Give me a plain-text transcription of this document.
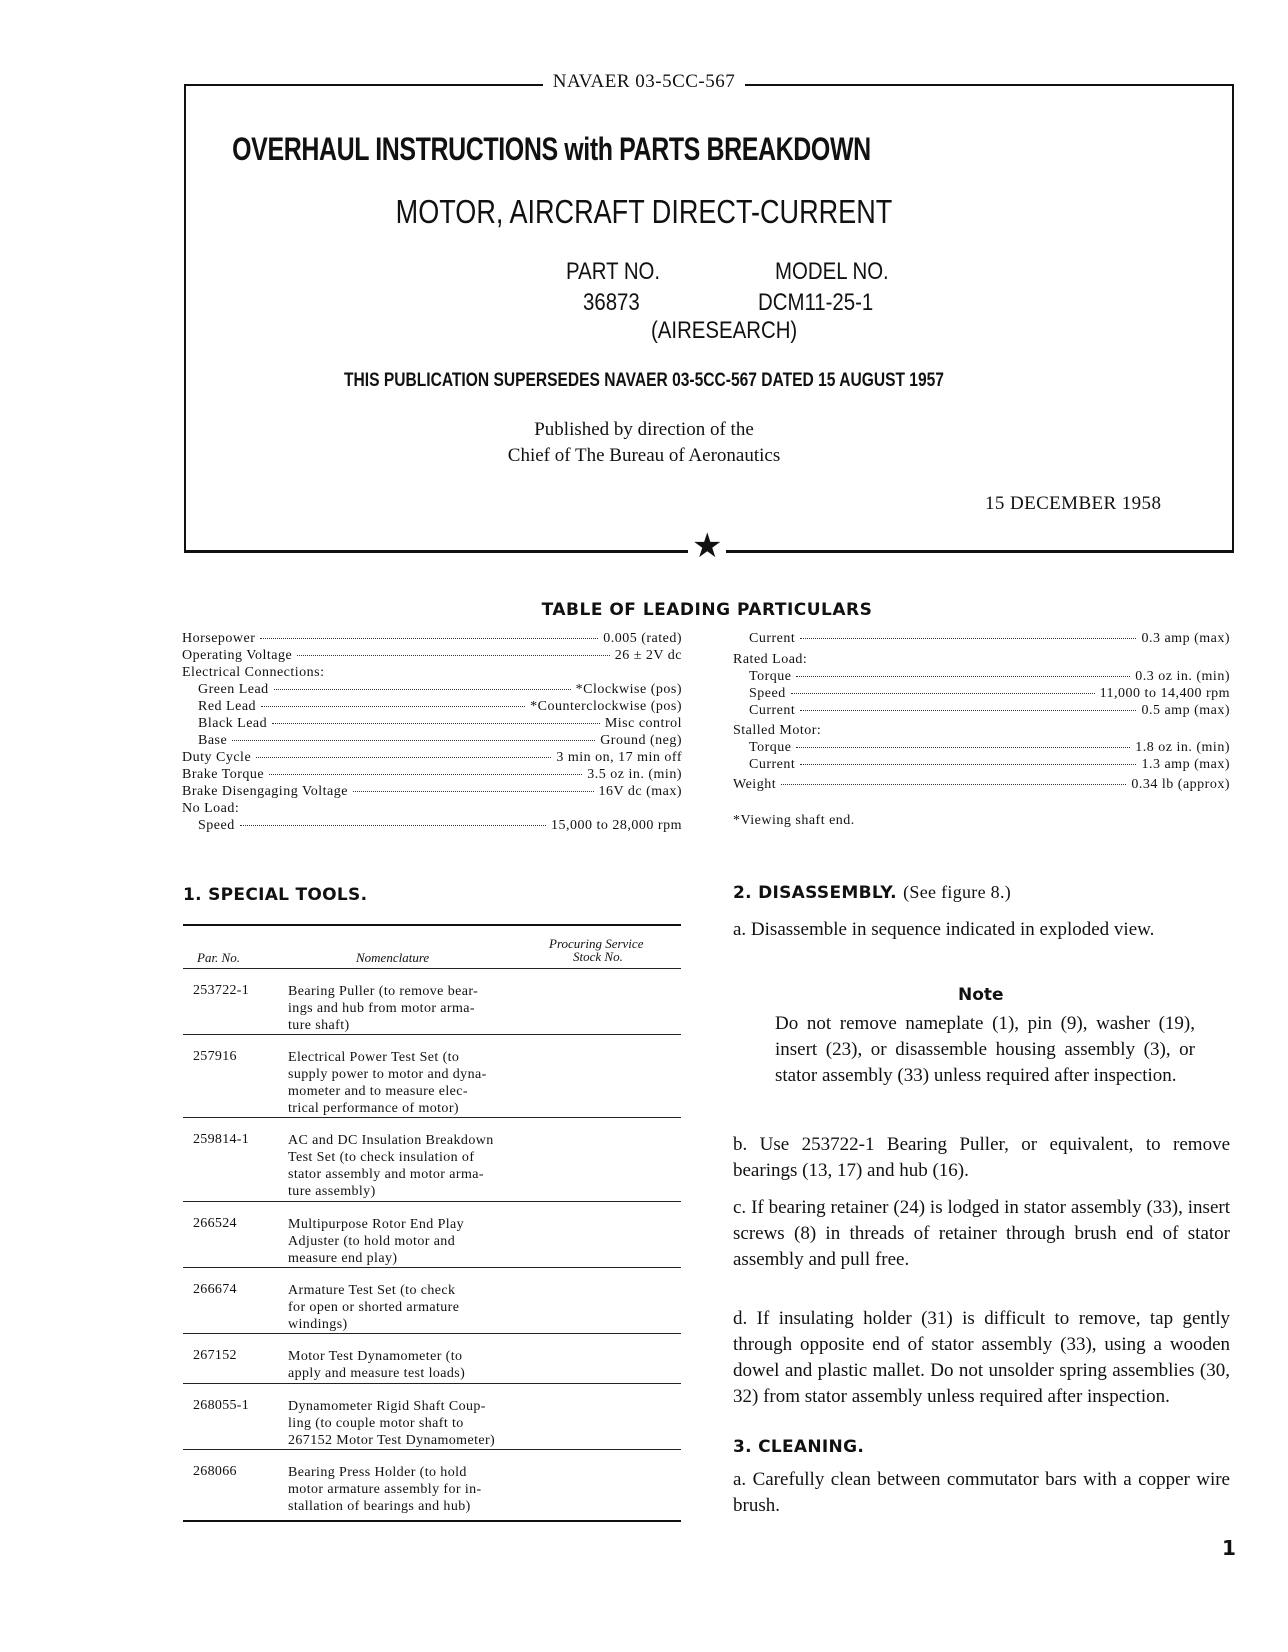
NAVAER 03-5CC-567
OVERHAUL INSTRUCTIONS with PARTS BREAKDOWN
MOTOR, AIRCRAFT DIRECT-CURRENT
PART NO.
36873
MODEL NO.
DCM11-25-1
(AIRESEARCH)
THIS PUBLICATION SUPERSEDES NAVAER 03-5CC-567 DATED 15 AUGUST 1957
Published by direction of the
Chief of The Bureau of Aeronautics
15 DECEMBER 1958
★
TABLE OF LEADING PARTICULARS
Horsepower	0.005 (rated)
Operating Voltage	26 ± 2V dc
Electrical Connections:
Green Lead	*Clockwise (pos)
Red Lead	*Counterclockwise (pos)
Black Lead	Misc control
Base	Ground (neg)
Duty Cycle	3 min on, 17 min off
Brake Torque	3.5 oz in. (min)
Brake Disengaging Voltage	16V dc (max)
No Load:
Speed	15,000 to 28,000 rpm
Current	0.3 amp (max)
Rated Load:
Torque	0.3 oz in. (min)
Speed	11,000 to 14,400 rpm
Current	0.5 amp (max)
Stalled Motor:
Torque	1.8 oz in. (min)
Current	1.3 amp (max)
Weight	0.34 lb (approx)
*Viewing shaft end.
1. SPECIAL TOOLS.
Par. No.	Nomenclature
Procuring Service
Stock No.
253722-1	Bearing Puller (to remove bear-
ings and hub from motor arma-
ture shaft)
257916	Electrical Power Test Set (to
supply power to motor and dyna-
mometer and to measure elec-
trical performance of motor)
259814-1	AC and DC Insulation Breakdown
Test Set (to check insulation of
stator assembly and motor arma-
ture assembly)
266524	Multipurpose Rotor End Play
Adjuster (to hold motor and
measure end play)
266674	Armature Test Set (to check
for open or shorted armature
windings)
267152	Motor Test Dynamometer (to
apply and measure test loads)
268055-1	Dynamometer Rigid Shaft Coup-
ling (to couple motor shaft to
267152 Motor Test Dynamometer)
268066	Bearing Press Holder (to hold
motor armature assembly for in-
stallation of bearings and hub)
2. DISASSEMBLY. (See figure 8.)
a. Disassemble in sequence indicated in exploded view.
Note
Do not remove nameplate (1), pin (9), washer (19), insert (23), or disassemble housing assembly (3), or stator assembly (33) unless required after inspection.
b. Use 253722-1 Bearing Puller, or equivalent, to remove bearings (13, 17) and hub (16).
c. If bearing retainer (24) is lodged in stator assembly (33), insert screws (8) in threads of retainer through brush end of stator assembly and pull free.
d. If insulating holder (31) is difficult to remove, tap gently through opposite end of stator assembly (33), using a wooden dowel and plastic mallet. Do not unsolder spring assemblies (30, 32) from stator assembly unless required after inspection.
3. CLEANING.
a. Carefully clean between commutator bars with a copper wire brush.
1
